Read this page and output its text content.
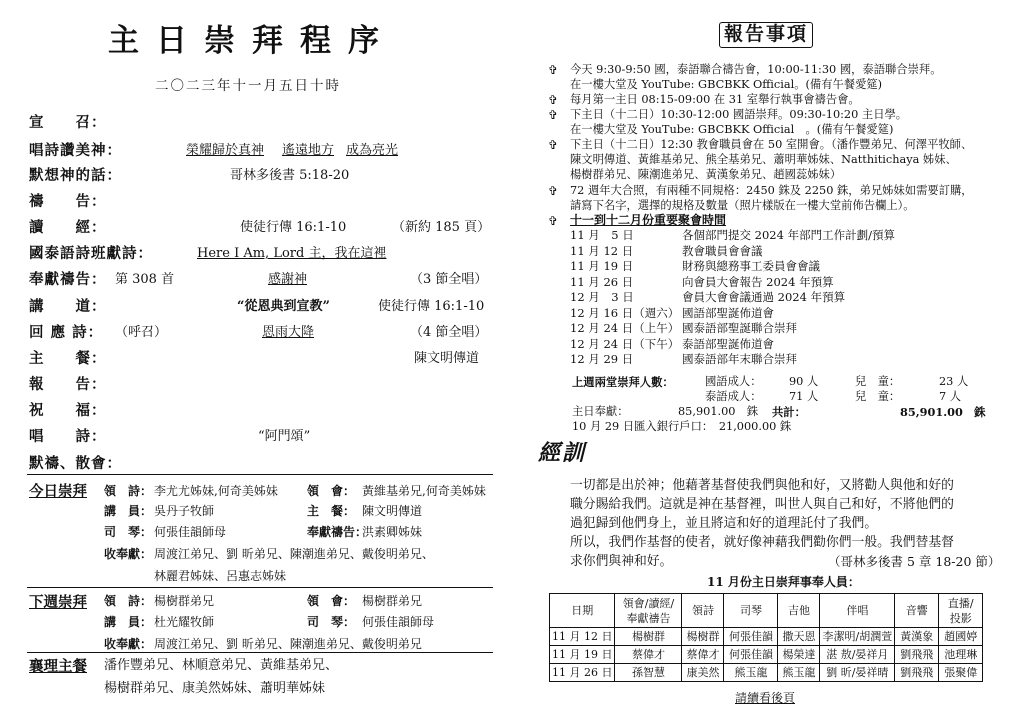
主日崇拜程序
二〇二三年十一月五日十時
宣　　召：
唱詩讚美神：	榮耀歸於真神 遙遠地方 成為亮光
默想神的話：	哥林多後書 5:18-20
禱　　告：
讀　　經：	使徒行傳 16:1-10	（新約 185 頁）
國泰語詩班獻詩：	Here I Am, Lord 主，我在這裡
奉獻禱告： 第 308 首	感謝神	（3 節全唱）
講　　道：	“從恩典到宣教”	使徒行傳 16:1-10
回 應 詩： （呼召）	恩雨大降	（4 節全唱）
主　　餐：	陳文明傳道
報　　告：
祝　　福：
唱　　詩：	“阿門頌”
默禱、散會：
今日崇拜 領　詩： 李尤尤姊妹,何奇美姊妹 領　會： 黃維基弟兄,何奇美姊妹
講　員： 吳丹子牧師	主　餐： 陳文明傳道
司　琴： 何張佳韻師母	奉獻禱告：
洪素卿姊妹
收奉獻： 周渡江弟兄、劉 昕弟兄、陳潮進弟兄、戴俊明弟兄、
林麗君姊妹、呂惠志姊妹
下週崇拜 領　詩： 楊樹群弟兄	領　會： 楊樹群弟兄
講　員： 杜光耀牧師	司　琴： 何張佳韻師母
收奉獻： 周渡江弟兄、劉 昕弟兄、陳潮進弟兄、戴俊明弟兄
襄理主餐 潘作豐弟兄、林順意弟兄、黃維基弟兄、
楊樹群弟兄、康美然姊妹、蕭明華姊妹
報告事項
✞ 今天 9:30-9:50 國，泰語聯合禱告會，10:00-11:30 國，泰語聯合崇拜。
在一樓大堂及 YouTube: GBCBKK Official。(備有午餐愛筵)
✞ 每月第一主日 08:15-09:00 在 31 室舉行執事會禱告會。
✞ 下主日（十二日）10:30-12:00 國語崇拜。09:30-10:20 主日學。
在一樓大堂及 YouTube: GBCBKK Official　。(備有午餐愛筵)
✞ 下主日（十二日）12:30 教會職員會在 50 室開會。（潘作豐弟兄、何澤平牧師、
陳文明傳道、黃維基弟兄、熊全基弟兄、蕭明華姊妹、Natthitichaya 姊妹、
楊樹群弟兄、陳潮進弟兄、黃漢象弟兄、趙國蕊姊妹）
✞ 72 週年大合照，有兩種不同規格：2450 銖及 2250 銖，弟兄姊妹如需要訂購，
請寫下名字，選擇的規格及數量（照片樣版在一樓大堂前佈告欄上）。
✞ 十一到十二月份重要聚會時間
11 月　5 日	各個部門提交 2024 年部門工作計劃/預算
11 月 12 日	教會職員會會議
11 月 19 日	財務與總務事工委員會會議
11 月 26 日	向會員大會報告 2024 年預算
12 月　3 日	會員大會會議通過 2024 年預算
12 月 16 日（週六） 國語部聖誕佈道會
12 月 24 日（上午） 國泰語部聖誕聯合崇拜
12 月 24 日（下午） 泰語部聖誕佈道會
12 月 29 日	國泰語部年末聯合崇拜
上週兩堂崇拜人數：	國語成人： 90 人	兒　童：	23 人
泰語成人： 71 人	兒　童：	7 人
主日奉獻：	85,901.00　銖 共計：	85,901.00　銖
10 月 29 日匯入銀行戶口：　21,000.00 銖
經訓
一切都是出於神；他藉著基督使我們與他和好，又將勸人與他和好的
職分賜給我們。這就是神在基督裡，叫世人與自己和好，不將他們的
過犯歸到他們身上，並且將這和好的道理託付了我們。
所以，我們作基督的使者，就好像神藉我們勸你們一般。我們替基督
求你們與神和好。	（哥林多後書 5 章 18-20 節）
11 月份主日崇拜事奉人員：
日期	領會/讀經/
奉獻禱告	領詩	司琴	吉他	伴唱	音響	直播/
投影
11 月 12 日	楊樹群	楊樹群	何張佳韻	撒天恩	李潔明/胡潤萱	黃漢象	趙國婷
11 月 19 日	蔡偉才	蔡偉才	何張佳韻	楊榮達	湛 敖/晏祥月	劉飛飛	池理琳
11 月 26 日	孫智慧	康美然	熊玉龍	熊玉龍	劉 昕/晏祥晴	劉飛飛	張聚偉
請續看後頁
